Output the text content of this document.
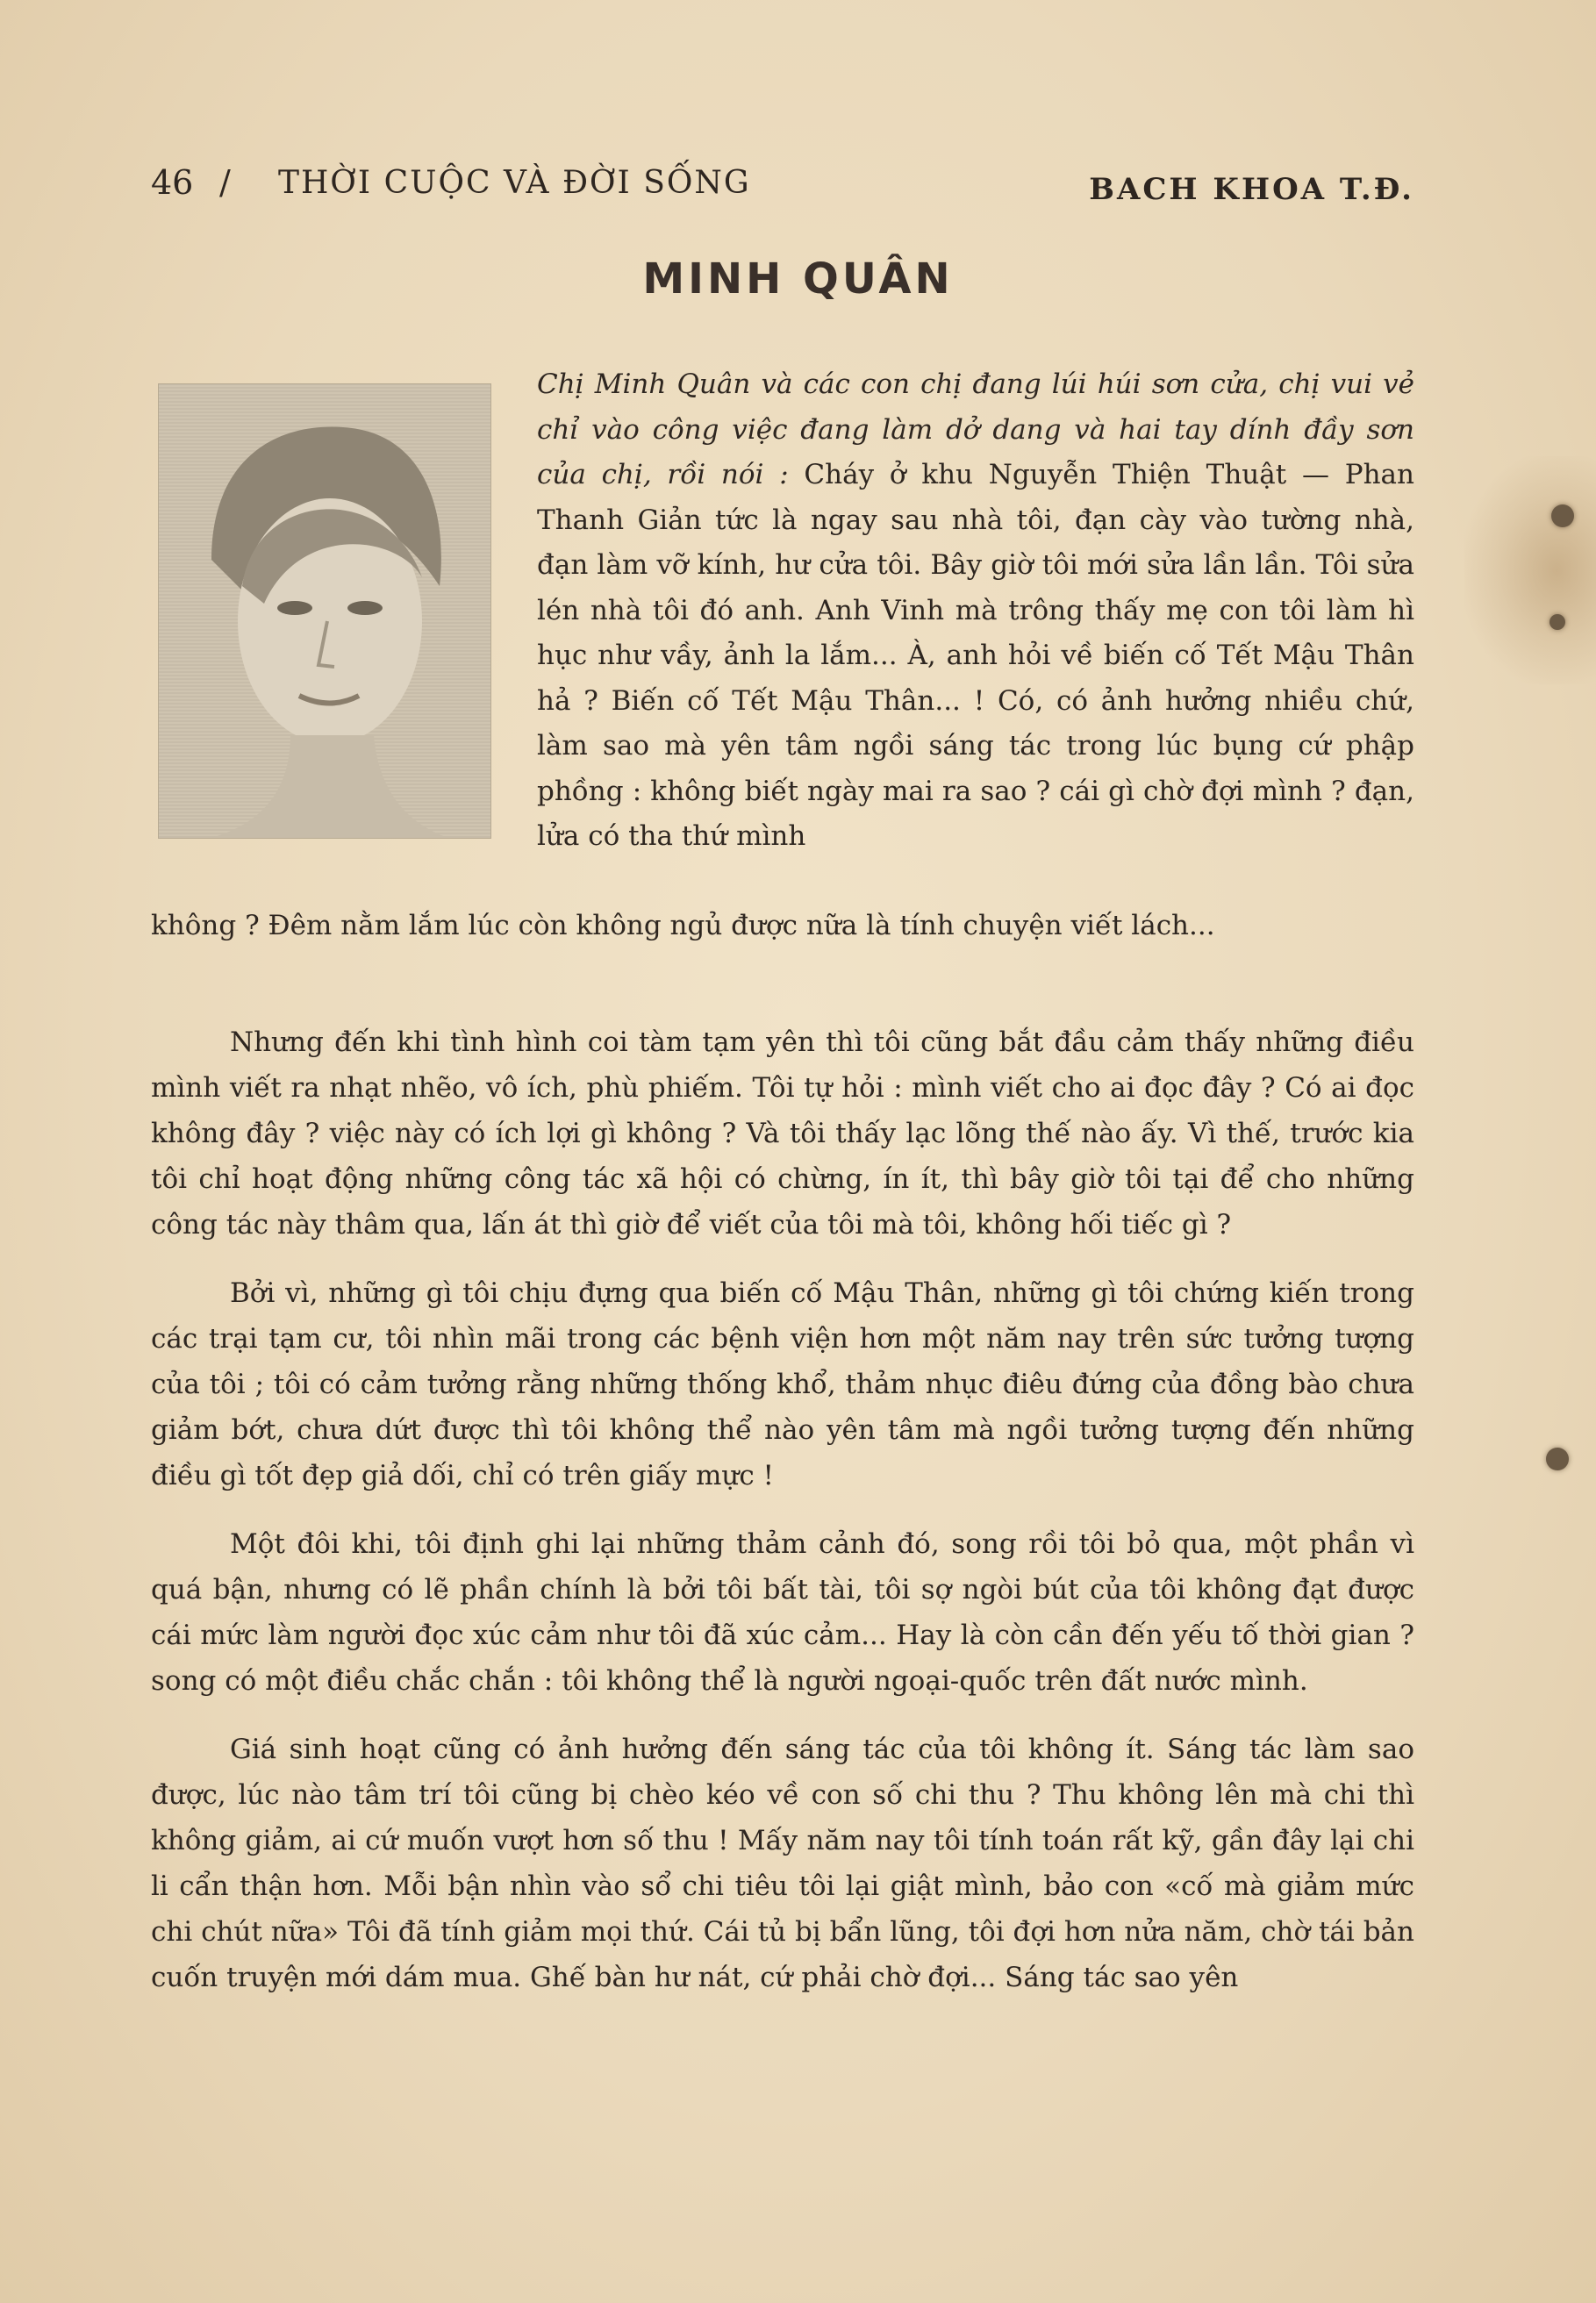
46 / THỜI CUỘC VÀ ĐỜI SỐNG	BACH KHOA T.Đ.
MINH QUÂN
Chị Minh Quân và các con chị đang lúi húi sơn cửa, chị vui vẻ chỉ vào công việc đang làm dở dang và hai tay dính đầy sơn của chị, rồi nói : Cháy ở khu Nguyễn Thiện Thuật — Phan Thanh Giản tức là ngay sau nhà tôi, đạn cày vào tường nhà, đạn làm vỡ kính, hư cửa tôi. Bây giờ tôi mới sửa lần lần. Tôi sửa lén nhà tôi đó anh. Anh Vinh mà trông thấy mẹ con tôi làm hì hục như vầy, ảnh la lắm... À, anh hỏi về biến cố Tết Mậu Thân hả ? Biến cố Tết Mậu Thân... ! Có, có ảnh hưởng nhiều chứ, làm sao mà yên tâm ngồi sáng tác trong lúc bụng cứ phập phồng : không biết ngày mai ra sao ? cái gì chờ đợi mình ? đạn, lửa có tha thứ mình
không ? Đêm nằm lắm lúc còn không ngủ được nữa là tính chuyện viết lách...

Nhưng đến khi tình hình coi tàm tạm yên thì tôi cũng bắt đầu cảm thấy những điều mình viết ra nhạt nhẽo, vô ích, phù phiếm. Tôi tự hỏi : mình viết cho ai đọc đây ? Có ai đọc không đây ? việc này có ích lợi gì không ? Và tôi thấy lạc lõng thế nào ấy. Vì thế, trước kia tôi chỉ hoạt động những công tác xã hội có chừng, ín ít, thì bây giờ tôi tại để cho những công tác này thâm qua, lấn át thì giờ để viết của tôi mà tôi, không hối tiếc gì ?

Bởi vì, những gì tôi chịu đựng qua biến cố Mậu Thân, những gì tôi chứng kiến trong các trại tạm cư, tôi nhìn mãi trong các bệnh viện hơn một năm nay trên sức tưởng tượng của tôi ; tôi có cảm tưởng rằng những thống khổ, thảm nhục điêu đứng của đồng bào chưa giảm bớt, chưa dứt được thì tôi không thể nào yên tâm mà ngồi tưởng tượng đến những điều gì tốt đẹp giả dối, chỉ có trên giấy mực !

Một đôi khi, tôi định ghi lại những thảm cảnh đó, song rồi tôi bỏ qua, một phần vì quá bận, nhưng có lẽ phần chính là bởi tôi bất tài, tôi sợ ngòi bút của tôi không đạt được cái mức làm người đọc xúc cảm như tôi đã xúc cảm... Hay là còn cần đến yếu tố thời gian ? song có một điều chắc chắn : tôi không thể là người ngoại-quốc trên đất nước mình.

Giá sinh hoạt cũng có ảnh hưởng đến sáng tác của tôi không ít. Sáng tác làm sao được, lúc nào tâm trí tôi cũng bị chèo kéo về con số chi thu ? Thu không lên mà chi thì không giảm, ai cứ muốn vượt hơn số thu ! Mấy năm nay tôi tính toán rất kỹ, gần đây lại chi li cẩn thận hơn. Mỗi bận nhìn vào sổ chi tiêu tôi lại giật mình, bảo con «cố mà giảm mức chi chút nữa» Tôi đã tính giảm mọi thứ. Cái tủ bị bẩn lũng, tôi đợi hơn nửa năm, chờ tái bản cuốn truyện mới dám mua. Ghế bàn hư nát, cứ phải chờ đợi... Sáng tác sao yên
